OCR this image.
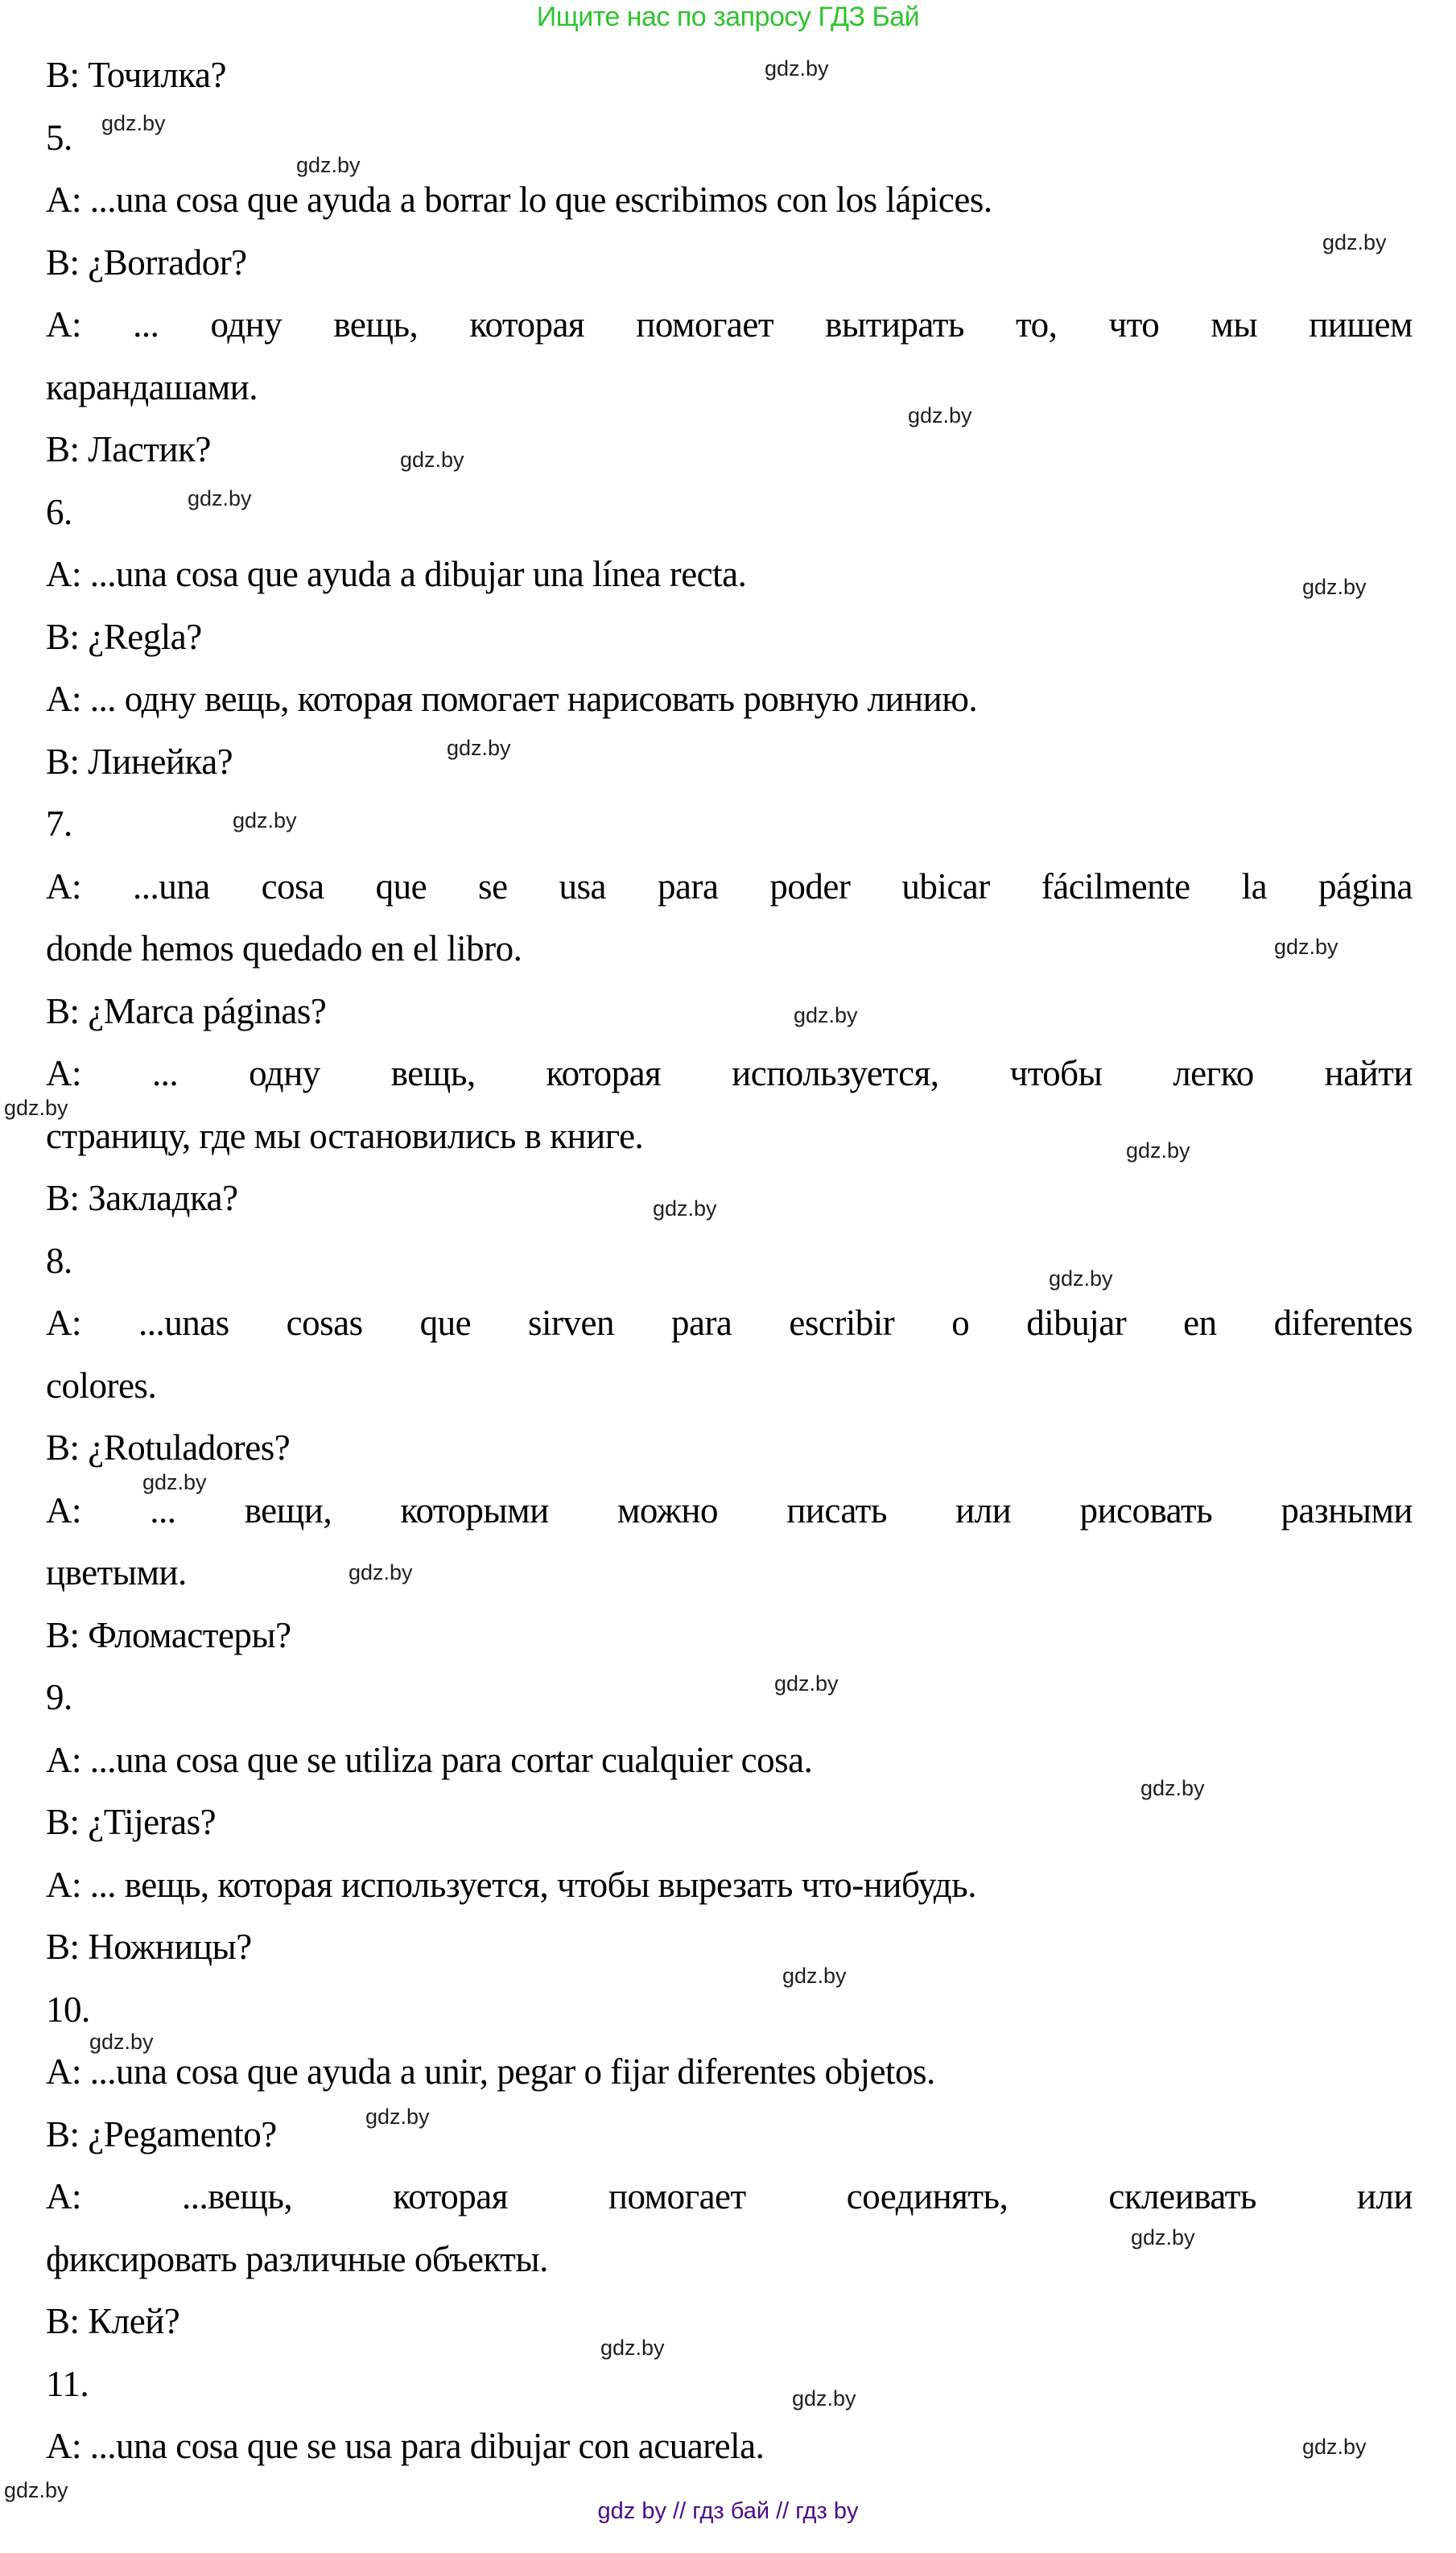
Ищите нас по запросу ГДЗ Бай
B: Точилка?
5.
A: ...una cosa que ayuda a borrar lo que escribimos con los lápices.
B: ¿Borrador?
A: ... одну вещь, которая помогает вытирать то, что мы пишем
карандашами.
B: Ластик?
6.
A: ...una cosa que ayuda a dibujar una línea recta.
B: ¿Regla?
A: ... одну вещь, которая помогает нарисовать ровную линию.
B: Линейка?
7.
A: ...una cosa que se usa para poder ubicar fácilmente la página
donde hemos quedado en el libro.
B: ¿Marca páginas?
A: ... одну вещь, которая используется, чтобы легко найти
страницу, где мы остановились в книге.
B: Закладка?
8.
A: ...unas cosas que sirven para escribir o dibujar en diferentes
colores.
B: ¿Rotuladores?
A: ... вещи, которыми можно писать или рисовать разными
цветыми.
B: Фломастеры?
9.
A: ...una cosa que se utiliza para cortar cualquier cosa.
B: ¿Tijeras?
A: ... вещь, которая используется, чтобы вырезать что-нибудь.
B: Ножницы?
10.
A: ...una cosa que ayuda a unir, pegar o fijar diferentes objetos.
B: ¿Pegamento?
A: ...вещь, которая помогает соединять, склеивать или
фиксировать различные объекты.
B: Клей?
11.
A: ...una cosa que se usa para dibujar con acuarela.
gdz by // гдз бай // гдз by
gdz.by
gdz.by
gdz.by
gdz.by
gdz.by
gdz.by
gdz.by
gdz.by
gdz.by
gdz.by
gdz.by
gdz.by
gdz.by
gdz.by
gdz.by
gdz.by
gdz.by
gdz.by
gdz.by
gdz.by
gdz.by
gdz.by
gdz.by
gdz.by
gdz.by
gdz.by
gdz.by
gdz.by
